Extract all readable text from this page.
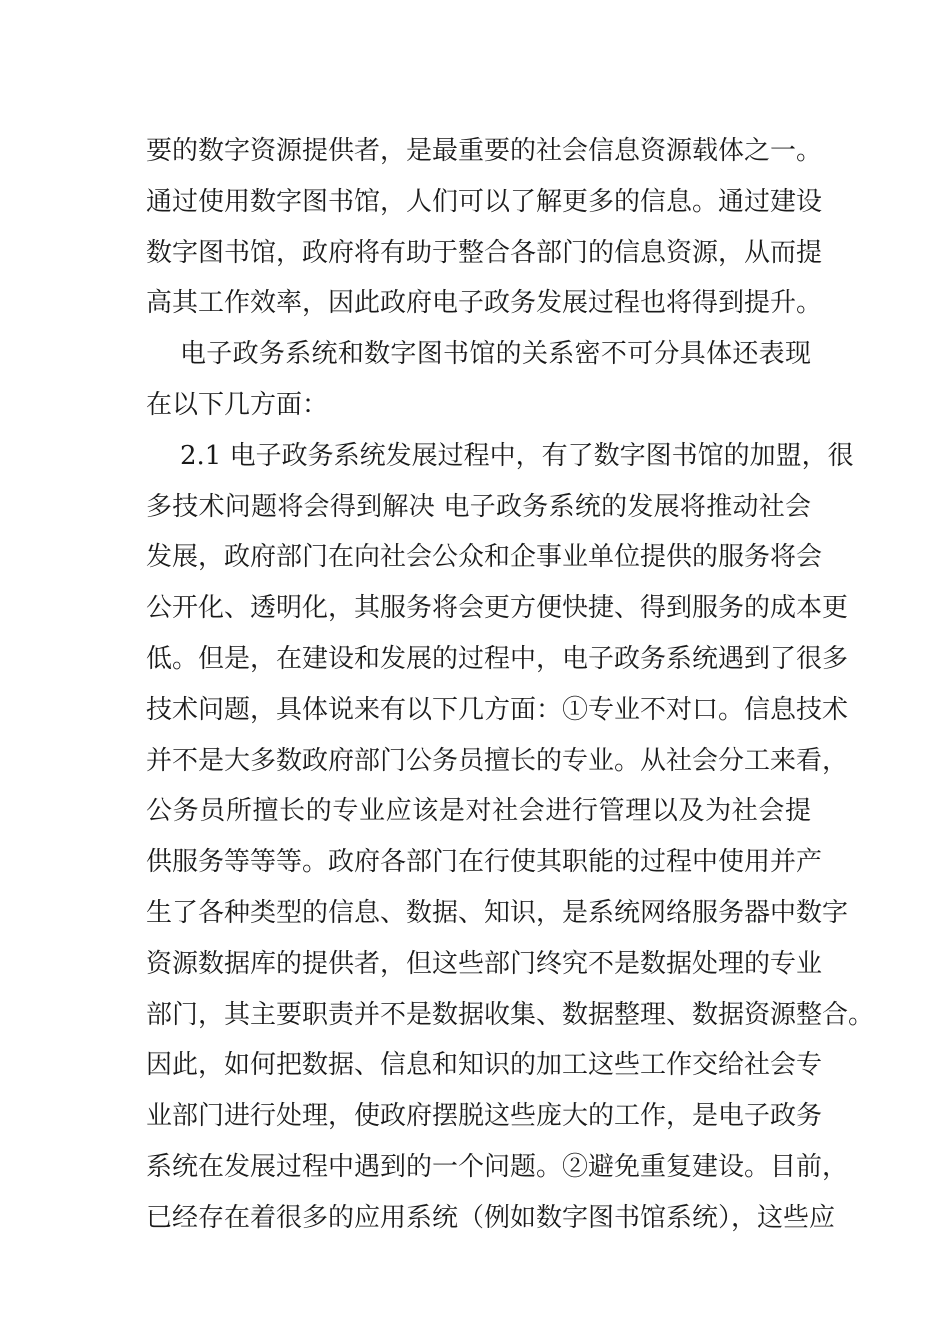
要的数字资源提供者，是最重要的社会信息资源载体之一。
通过使用数字图书馆，人们可以了解更多的信息。通过建设
数字图书馆，政府将有助于整合各部门的信息资源，从而提
高其工作效率，因此政府电子政务发展过程也将得到提升。
电子政务系统和数字图书馆的关系密不可分具体还表现
在以下几方面：
2.1 电子政务系统发展过程中，有了数字图书馆的加盟，很
多技术问题将会得到解决 电子政务系统的发展将推动社会
发展，政府部门在向社会公众和企事业单位提供的服务将会
公开化、透明化，其服务将会更方便快捷、得到服务的成本更
低。但是，在建设和发展的过程中，电子政务系统遇到了很多
技术问题，具体说来有以下几方面：①专业不对口。信息技术
并不是大多数政府部门公务员擅长的专业。从社会分工来看，
公务员所擅长的专业应该是对社会进行管理以及为社会提
供服务等等等。政府各部门在行使其职能的过程中使用并产
生了各种类型的信息、数据、知识，是系统网络服务器中数字
资源数据库的提供者，但这些部门终究不是数据处理的专业
部门，其主要职责并不是数据收集、数据整理、数据资源整合。
因此，如何把数据、信息和知识的加工这些工作交给社会专
业部门进行处理，使政府摆脱这些庞大的工作，是电子政务
系统在发展过程中遇到的一个问题。②避免重复建设。目前，
已经存在着很多的应用系统（例如数字图书馆系统），这些应
